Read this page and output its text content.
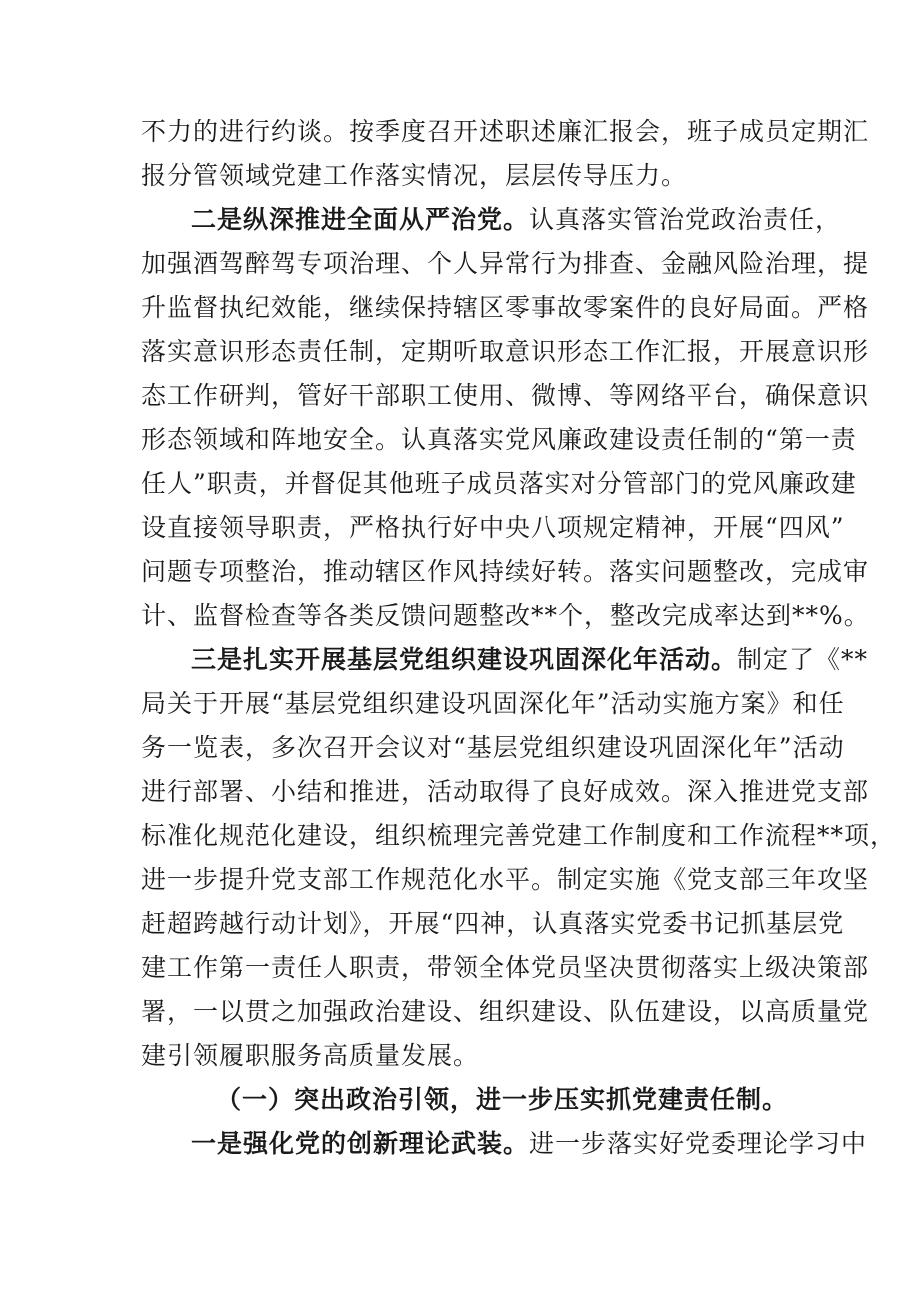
不力的进行约谈。按季度召开述职述廉汇报会，班子成员定期汇
报分管领域党建工作落实情况，层层传导压力。
二是纵深推进全面从严治党。认真落实管治党政治责任，
加强酒驾醉驾专项治理、个人异常行为排查、金融风险治理，提
升监督执纪效能，继续保持辖区零事故零案件的良好局面。严格
落实意识形态责任制，定期听取意识形态工作汇报，开展意识形
态工作研判，管好干部职工使用、微博、等网络平台，确保意识
形态领域和阵地安全。认真落实党风廉政建设责任制的“第一责
任人”职责，并督促其他班子成员落实对分管部门的党风廉政建
设直接领导职责，严格执行好中央八项规定精神，开展“四风”
问题专项整治，推动辖区作风持续好转。落实问题整改，完成审
计、监督检查等各类反馈问题整改**个，整改完成率达到**%。
三是扎实开展基层党组织建设巩固深化年活动。制定了《**
局关于开展“基层党组织建设巩固深化年”活动实施方案》和任
务一览表，多次召开会议对“基层党组织建设巩固深化年”活动
进行部署、小结和推进，活动取得了良好成效。深入推进党支部
标准化规范化建设，组织梳理完善党建工作制度和工作流程**项，
进一步提升党支部工作规范化水平。制定实施《党支部三年攻坚
赶超跨越行动计划》，开展“四神，认真落实党委书记抓基层党
建工作第一责任人职责，带领全体党员坚决贯彻落实上级决策部
署，一以贯之加强政治建设、组织建设、队伍建设，以高质量党
建引领履职服务高质量发展。
（一）突出政治引领，进一步压实抓党建责任制。
一是强化党的创新理论武装。进一步落实好党委理论学习中
